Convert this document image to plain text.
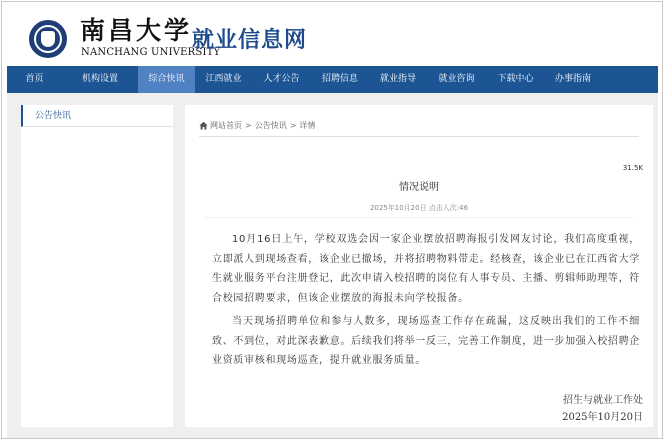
南昌大学
NANCHANG UNIVERSITY
就业信息网
首页	机构设置	综合快讯	江西就业	人才公告	招聘信息	就业指导	就业咨询	下载中心	办事指南
公告快讯
网站首页 > 公告快讯 > 详情
31.5K
情况说明
2025年10月20日 点击人次:46

10月16日上午，学校双选会因一家企业摆放招聘海报引发网友讨论，我们高度重视，立即派人到现场查看，该企业已撤场，并将招聘物料带走。经核查，该企业已在江西省大学生就业服务平台注册登记，此次申请入校招聘的岗位有人事专员、主播、剪辑师助理等，符合校园招聘要求，但该企业摆放的海报未向学校报备。

当天现场招聘单位和参与人数多，现场巡查工作存在疏漏，这反映出我们的工作不细致、不到位，对此深表歉意。后续我们将举一反三，完善工作制度，进一步加强入校招聘企业资质审核和现场巡查，提升就业服务质量。

招生与就业工作处
2025年10月20日
